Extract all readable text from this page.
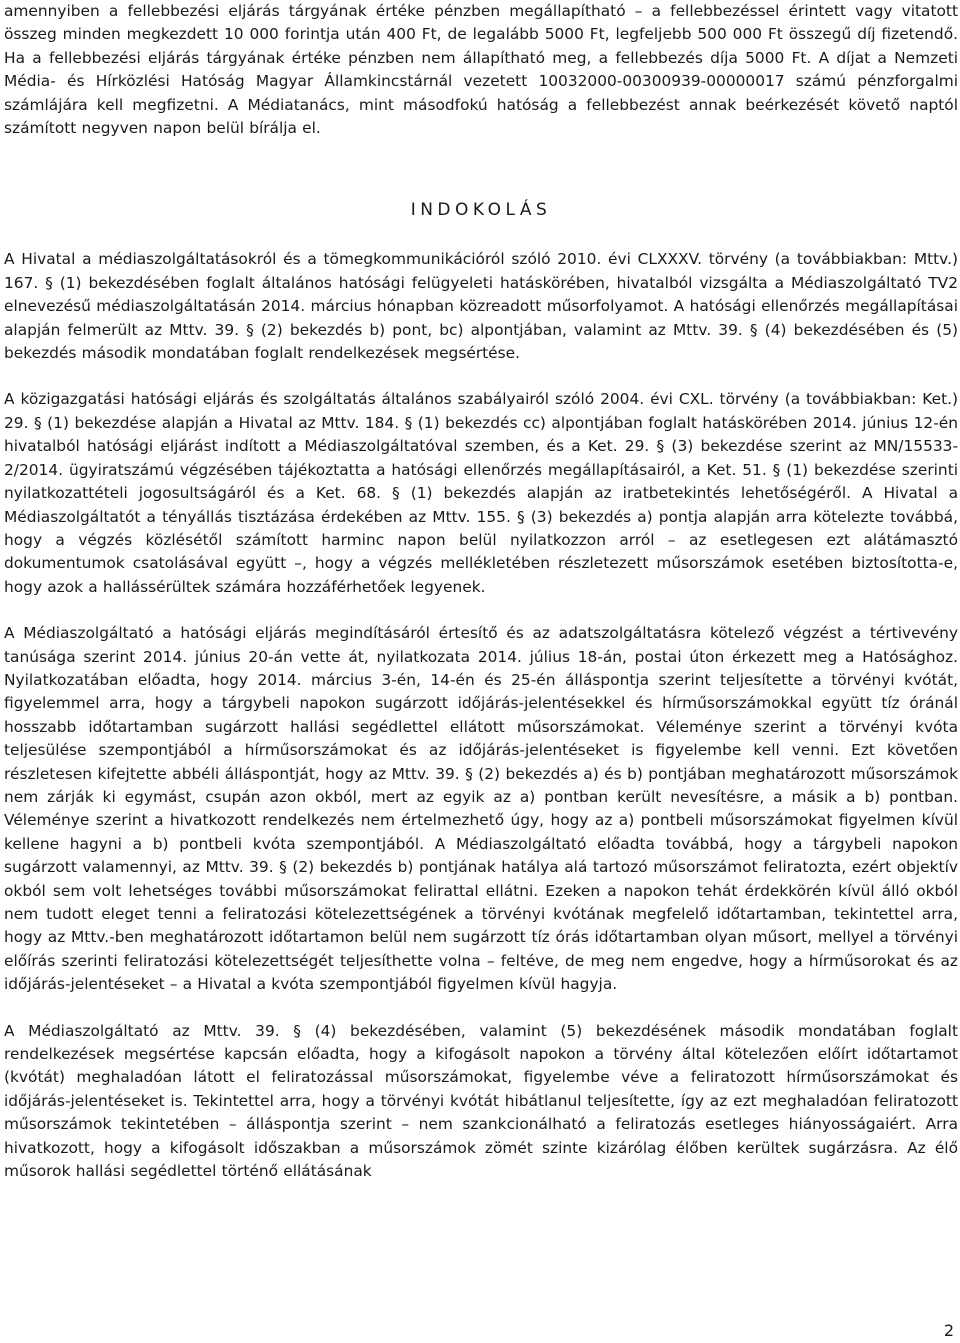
amennyiben a fellebbezési eljárás tárgyának értéke pénzben megállapítható – a fellebbezéssel érintett vagy vitatott összeg minden megkezdett 10 000 forintja után 400 Ft, de legalább 5000 Ft, legfeljebb 500 000 Ft összegű díj fizetendő. Ha a fellebbezési eljárás tárgyának értéke pénzben nem állapítható meg, a fellebbezés díja 5000 Ft. A díjat a Nemzeti Média- és Hírközlési Hatóság Magyar Államkincstárnál vezetett 10032000-00300939-00000017 számú pénzforgalmi számlájára kell megfizetni. A Médiatanács, mint másodfokú hatóság a fellebbezést annak beérkezését követő naptól számított negyven napon belül bírálja el.

INDOKOLÁS

A Hivatal a médiaszolgáltatásokról és a tömegkommunikációról szóló 2010. évi CLXXXV. törvény (a továbbiakban: Mttv.) 167. § (1) bekezdésében foglalt általános hatósági felügyeleti hatáskörében, hivatalból vizsgálta a Médiaszolgáltató TV2 elnevezésű médiaszolgáltatásán 2014. március hónapban közreadott műsorfolyamot. A hatósági ellenőrzés megállapításai alapján felmerült az Mttv. 39. § (2) bekezdés b) pont, bc) alpontjában, valamint az Mttv. 39. § (4) bekezdésében és (5) bekezdés második mondatában foglalt rendelkezések megsértése.

A közigazgatási hatósági eljárás és szolgáltatás általános szabályairól szóló 2004. évi CXL. törvény (a továbbiakban: Ket.) 29. § (1) bekezdése alapján a Hivatal az Mttv. 184. § (1) bekezdés cc) alpontjában foglalt hatáskörében 2014. június 12-én hivatalból hatósági eljárást indított a Médiaszolgáltatóval szemben, és a Ket. 29. § (3) bekezdése szerint az MN/15533-2/2014. ügyiratszámú végzésében tájékoztatta a hatósági ellenőrzés megállapításairól, a Ket. 51. § (1) bekezdése szerinti nyilatkozattételi jogosultságáról és a Ket. 68. § (1) bekezdés alapján az iratbetekintés lehetőségéről. A Hivatal a Médiaszolgáltatót a tényállás tisztázása érdekében az Mttv. 155. § (3) bekezdés a) pontja alapján arra kötelezte továbbá, hogy a végzés közlésétől számított harminc napon belül nyilatkozzon arról – az esetlegesen ezt alátámasztó dokumentumok csatolásával együtt –, hogy a végzés mellékletében részletezett műsorszámok esetében biztosította-e, hogy azok a hallássérültek számára hozzáférhetőek legyenek.

A Médiaszolgáltató a hatósági eljárás megindításáról értesítő és az adatszolgáltatásra kötelező végzést a tértivevény tanúsága szerint 2014. június 20-án vette át, nyilatkozata 2014. július 18-án, postai úton érkezett meg a Hatósághoz. Nyilatkozatában előadta, hogy 2014. március 3-én, 14-én és 25-én álláspontja szerint teljesítette a törvényi kvótát, figyelemmel arra, hogy a tárgybeli napokon sugárzott időjárás-jelentésekkel és hírműsorszámokkal együtt tíz óránál hosszabb időtartamban sugárzott hallási segédlettel ellátott műsorszámokat. Véleménye szerint a törvényi kvóta teljesülése szempontjából a hírműsorszámokat és az időjárás-jelentéseket is figyelembe kell venni. Ezt követően részletesen kifejtette abbéli álláspontját, hogy az Mttv. 39. § (2) bekezdés a) és b) pontjában meghatározott műsorszámok nem zárják ki egymást, csupán azon okból, mert az egyik az a) pontban került nevesítésre, a másik a b) pontban. Véleménye szerint a hivatkozott rendelkezés nem értelmezhető úgy, hogy az a) pontbeli műsorszámokat figyelmen kívül kellene hagyni a b) pontbeli kvóta szempontjából. A Médiaszolgáltató előadta továbbá, hogy a tárgybeli napokon sugárzott valamennyi, az Mttv. 39. § (2) bekezdés b) pontjának hatálya alá tartozó műsorszámot feliratozta, ezért objektív okból sem volt lehetséges további műsorszámokat felirattal ellátni. Ezeken a napokon tehát érdekkörén kívül álló okból nem tudott eleget tenni a feliratozási kötelezettségének a törvényi kvótának megfelelő időtartamban, tekintettel arra, hogy az Mttv.-ben meghatározott időtartamon belül nem sugárzott tíz órás időtartamban olyan műsort, mellyel a törvényi előírás szerinti feliratozási kötelezettségét teljesíthette volna – feltéve, de meg nem engedve, hogy a hírműsorokat és az időjárás-jelentéseket – a Hivatal a kvóta szempontjából figyelmen kívül hagyja.

A Médiaszolgáltató az Mttv. 39. § (4) bekezdésében, valamint (5) bekezdésének második mondatában foglalt rendelkezések megsértése kapcsán előadta, hogy a kifogásolt napokon a törvény által kötelezően előírt időtartamot (kvótát) meghaladóan látott el feliratozással műsorszámokat, figyelembe véve a feliratozott hírműsorszámokat és időjárás-jelentéseket is. Tekintettel arra, hogy a törvényi kvótát hibátlanul teljesítette, így az ezt meghaladóan feliratozott műsorszámok tekintetében – álláspontja szerint – nem szankcionálható a feliratozás esetleges hiányosságaiért. Arra hivatkozott, hogy a kifogásolt időszakban a műsorszámok zömét szinte kizárólag élőben kerültek sugárzásra. Az élő műsorok hallási segédlettel történő ellátásának

2
